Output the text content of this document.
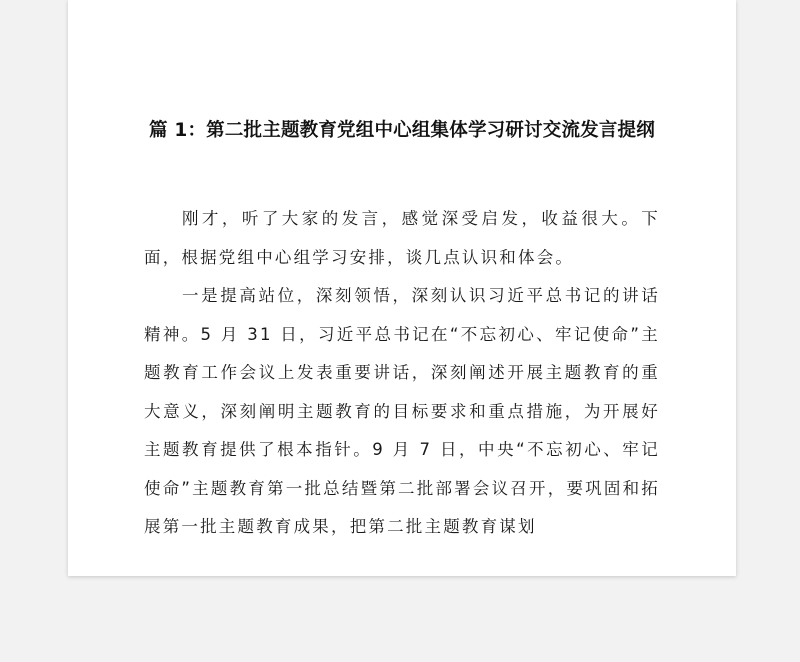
篇 1：第二批主题教育党组中心组集体学习研讨交流发言提纲

刚才，听了大家的发言，感觉深受启发，收益很大。下面，根据党组中心组学习安排，谈几点认识和体会。

一是提高站位，深刻领悟，深刻认识习近平总书记的讲话精神。5 月 31 日，习近平总书记在“不忘初心、牢记使命”主题教育工作会议上发表重要讲话，深刻阐述开展主题教育的重大意义，深刻阐明主题教育的目标要求和重点措施，为开展好主题教育提供了根本指针。9 月 7 日，中央“不忘初心、牢记使命”主题教育第一批总结暨第二批部署会议召开，要巩固和拓展第一批主题教育成果，把第二批主题教育谋划
